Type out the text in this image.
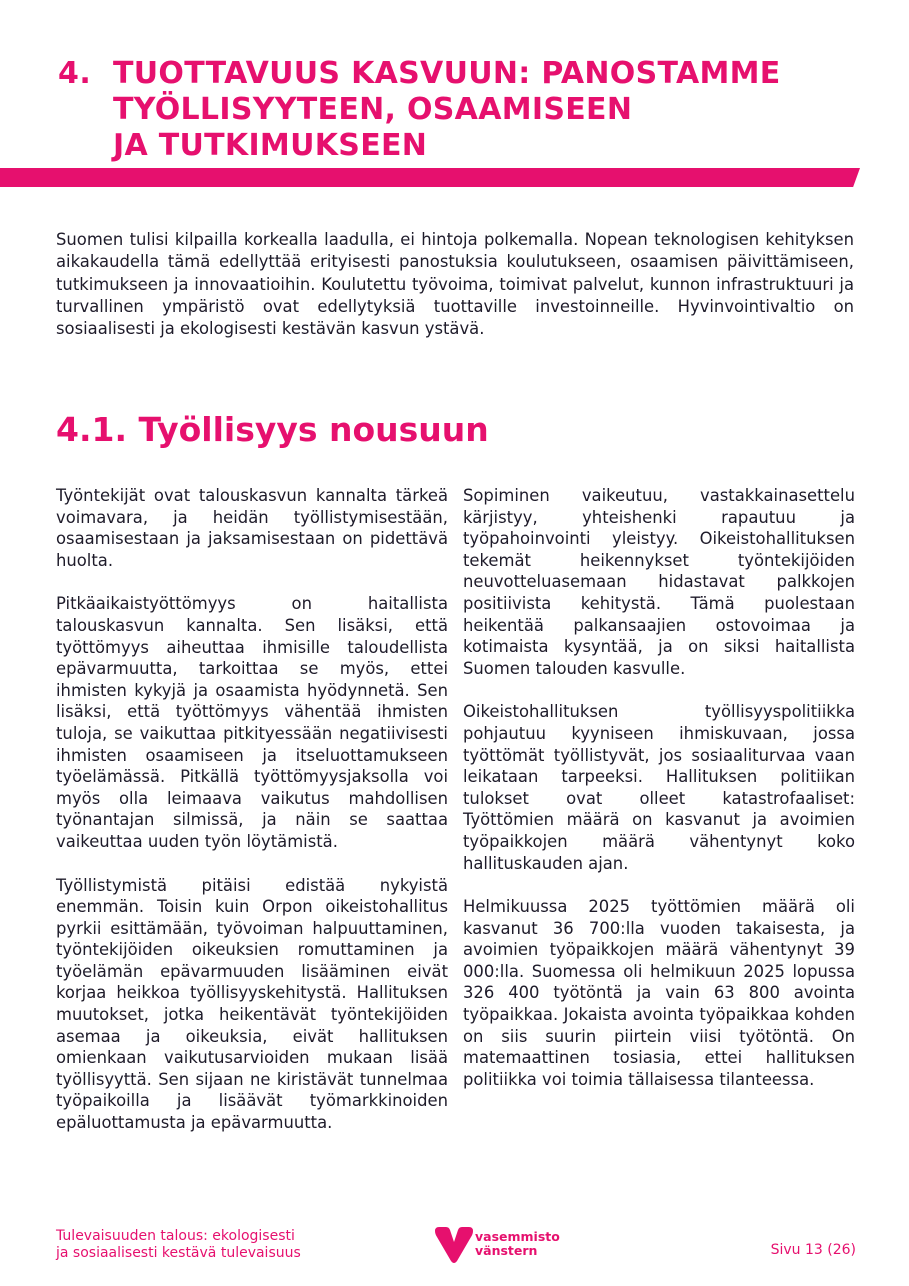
4. TUOTTAVUUS KASVUUN: PANOSTAMME
TYÖLLISYYTEEN, OSAAMISEEN
JA TUTKIMUKSEEN

Suomen tulisi kilpailla korkealla laadulla, ei hintoja polkemalla. Nopean teknologisen kehityksen aikakaudella tämä edellyttää erityisesti panostuksia koulutukseen, osaamisen päivittämiseen, tutkimukseen ja innovaatioihin. Koulutettu työvoima, toimivat palvelut, kunnon infrastruktuuri ja turvallinen ympäristö ovat edellytyksiä tuottaville investoinneille. Hyvinvointivaltio on sosiaalisesti ja ekologisesti kestävän kasvun ystävä.

4.1. Työllisyys nousuun

Työntekijät ovat talouskasvun kannalta tärkeä voimavara, ja heidän työllistymisestään, osaamisestaan ja jaksamisestaan on pidettävä huolta.

Pitkäaikaistyöttömyys on haitallista talouskasvun kannalta. Sen lisäksi, että työttömyys aiheuttaa ihmisille taloudellista epävarmuutta, tarkoittaa se myös, ettei ihmisten kykyjä ja osaamista hyödynnetä. Sen lisäksi, että työttömyys vähentää ihmisten tuloja, se vaikuttaa pitkityessään negatiivisesti ihmisten osaamiseen ja itseluottamukseen työelämässä. Pitkällä työttömyysjaksolla voi myös olla leimaava vaikutus mahdollisen työnantajan silmissä, ja näin se saattaa vaikeuttaa uuden työn löytämistä.

Työllistymistä pitäisi edistää nykyistä enemmän. Toisin kuin Orpon oikeistohallitus pyrkii esittämään, työvoiman halpuuttaminen, työntekijöiden oikeuksien romuttaminen ja työelämän epävarmuuden lisääminen eivät korjaa heikkoa työllisyyskehitystä. Hallituksen muutokset, jotka heikentävät työntekijöiden asemaa ja oikeuksia, eivät hallituksen omienkaan vaikutusarvioiden mukaan lisää työllisyyttä. Sen sijaan ne kiristävät tunnelmaa työpaikoilla ja lisäävät työmarkkinoiden epäluottamusta ja epävarmuutta.

Sopiminen vaikeutuu, vastakkainasettelu kärjistyy, yhteishenki rapautuu ja työpahoinvointi yleistyy. Oikeistohallituksen tekemät heikennykset työntekijöiden neuvotteluasemaan hidastavat palkkojen positiivista kehitystä. Tämä puolestaan heikentää palkansaajien ostovoimaa ja kotimaista kysyntää, ja on siksi haitallista Suomen talouden kasvulle.

Oikeistohallituksen työllisyyspolitiikka pohjautuu kyyniseen ihmiskuvaan, jossa työttömät työllistyvät, jos sosiaaliturvaa vaan leikataan tarpeeksi. Hallituksen politiikan tulokset ovat olleet katastrofaaliset: Työttömien määrä on kasvanut ja avoimien työpaikkojen määrä vähentynyt koko hallituskauden ajan.

Helmikuussa 2025 työttömien määrä oli kasvanut 36 700:lla vuoden takaisesta, ja avoimien työpaikkojen määrä vähentynyt 39 000:lla. Suomessa oli helmikuun 2025 lopussa 326 400 työtöntä ja vain 63 800 avointa työpaikkaa. Jokaista avointa työpaikkaa kohden on siis suurin piirtein viisi työtöntä. On matemaattinen tosiasia, ettei hallituksen politiikka voi toimia tällaisessa tilanteessa.

Tulevaisuuden talous: ekologisesti
ja sosiaalisesti kestävä tulevaisuus
vasemmisto
vänstern	Sivu 13 (26)
